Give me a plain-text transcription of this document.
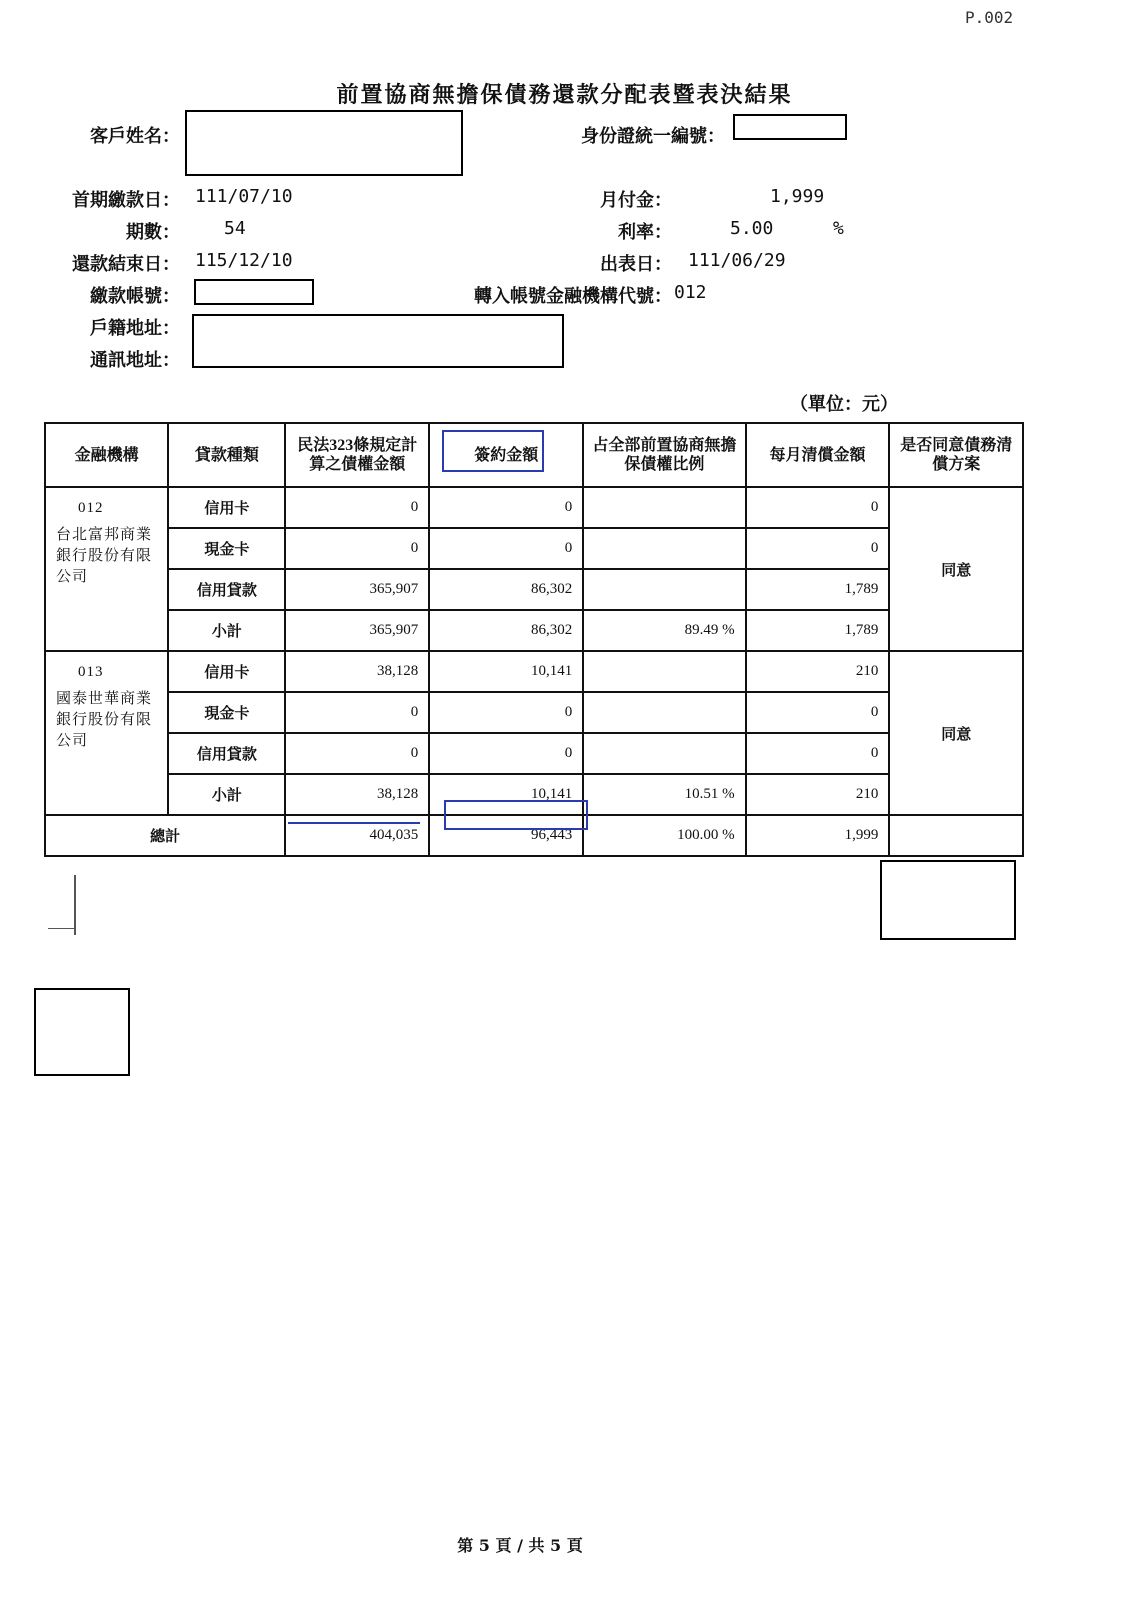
P.002
前置協商無擔保債務還款分配表暨表決結果
客戶姓名：	身份證統一編號：
首期繳款日： 111/07/10	月付金：	1,999
期數： 54	利率：	5.00	%
還款結束日： 115/12/10	出表日： 111/06/29
繳款帳號：	轉入帳號金融機構代號： 012
戶籍地址：
通訊地址：
（單位：元）
金融機構	貸款種類	民法323條規定計算之債權金額	簽約金額	占全部前置協商無擔保債權比例	每月清償金額	是否同意債務清償方案

012
台北富邦商業銀行股份有限公司	信用卡	0	0		0	同意
	現金卡	0	0		0	
	信用貸款	365,907	86,302		1,789	
	小計	365,907	86,302	89.49 %	1,789	

013
國泰世華商業銀行股份有限公司	信用卡	38,128	10,141		210	同意
	現金卡	0	0		0	
	信用貸款	0	0		0	
	小計	38,128	10,141	10.51 %	210	
總計		404,035	96,443	100.00 %	1,999	
第 5 頁 / 共 5 頁
